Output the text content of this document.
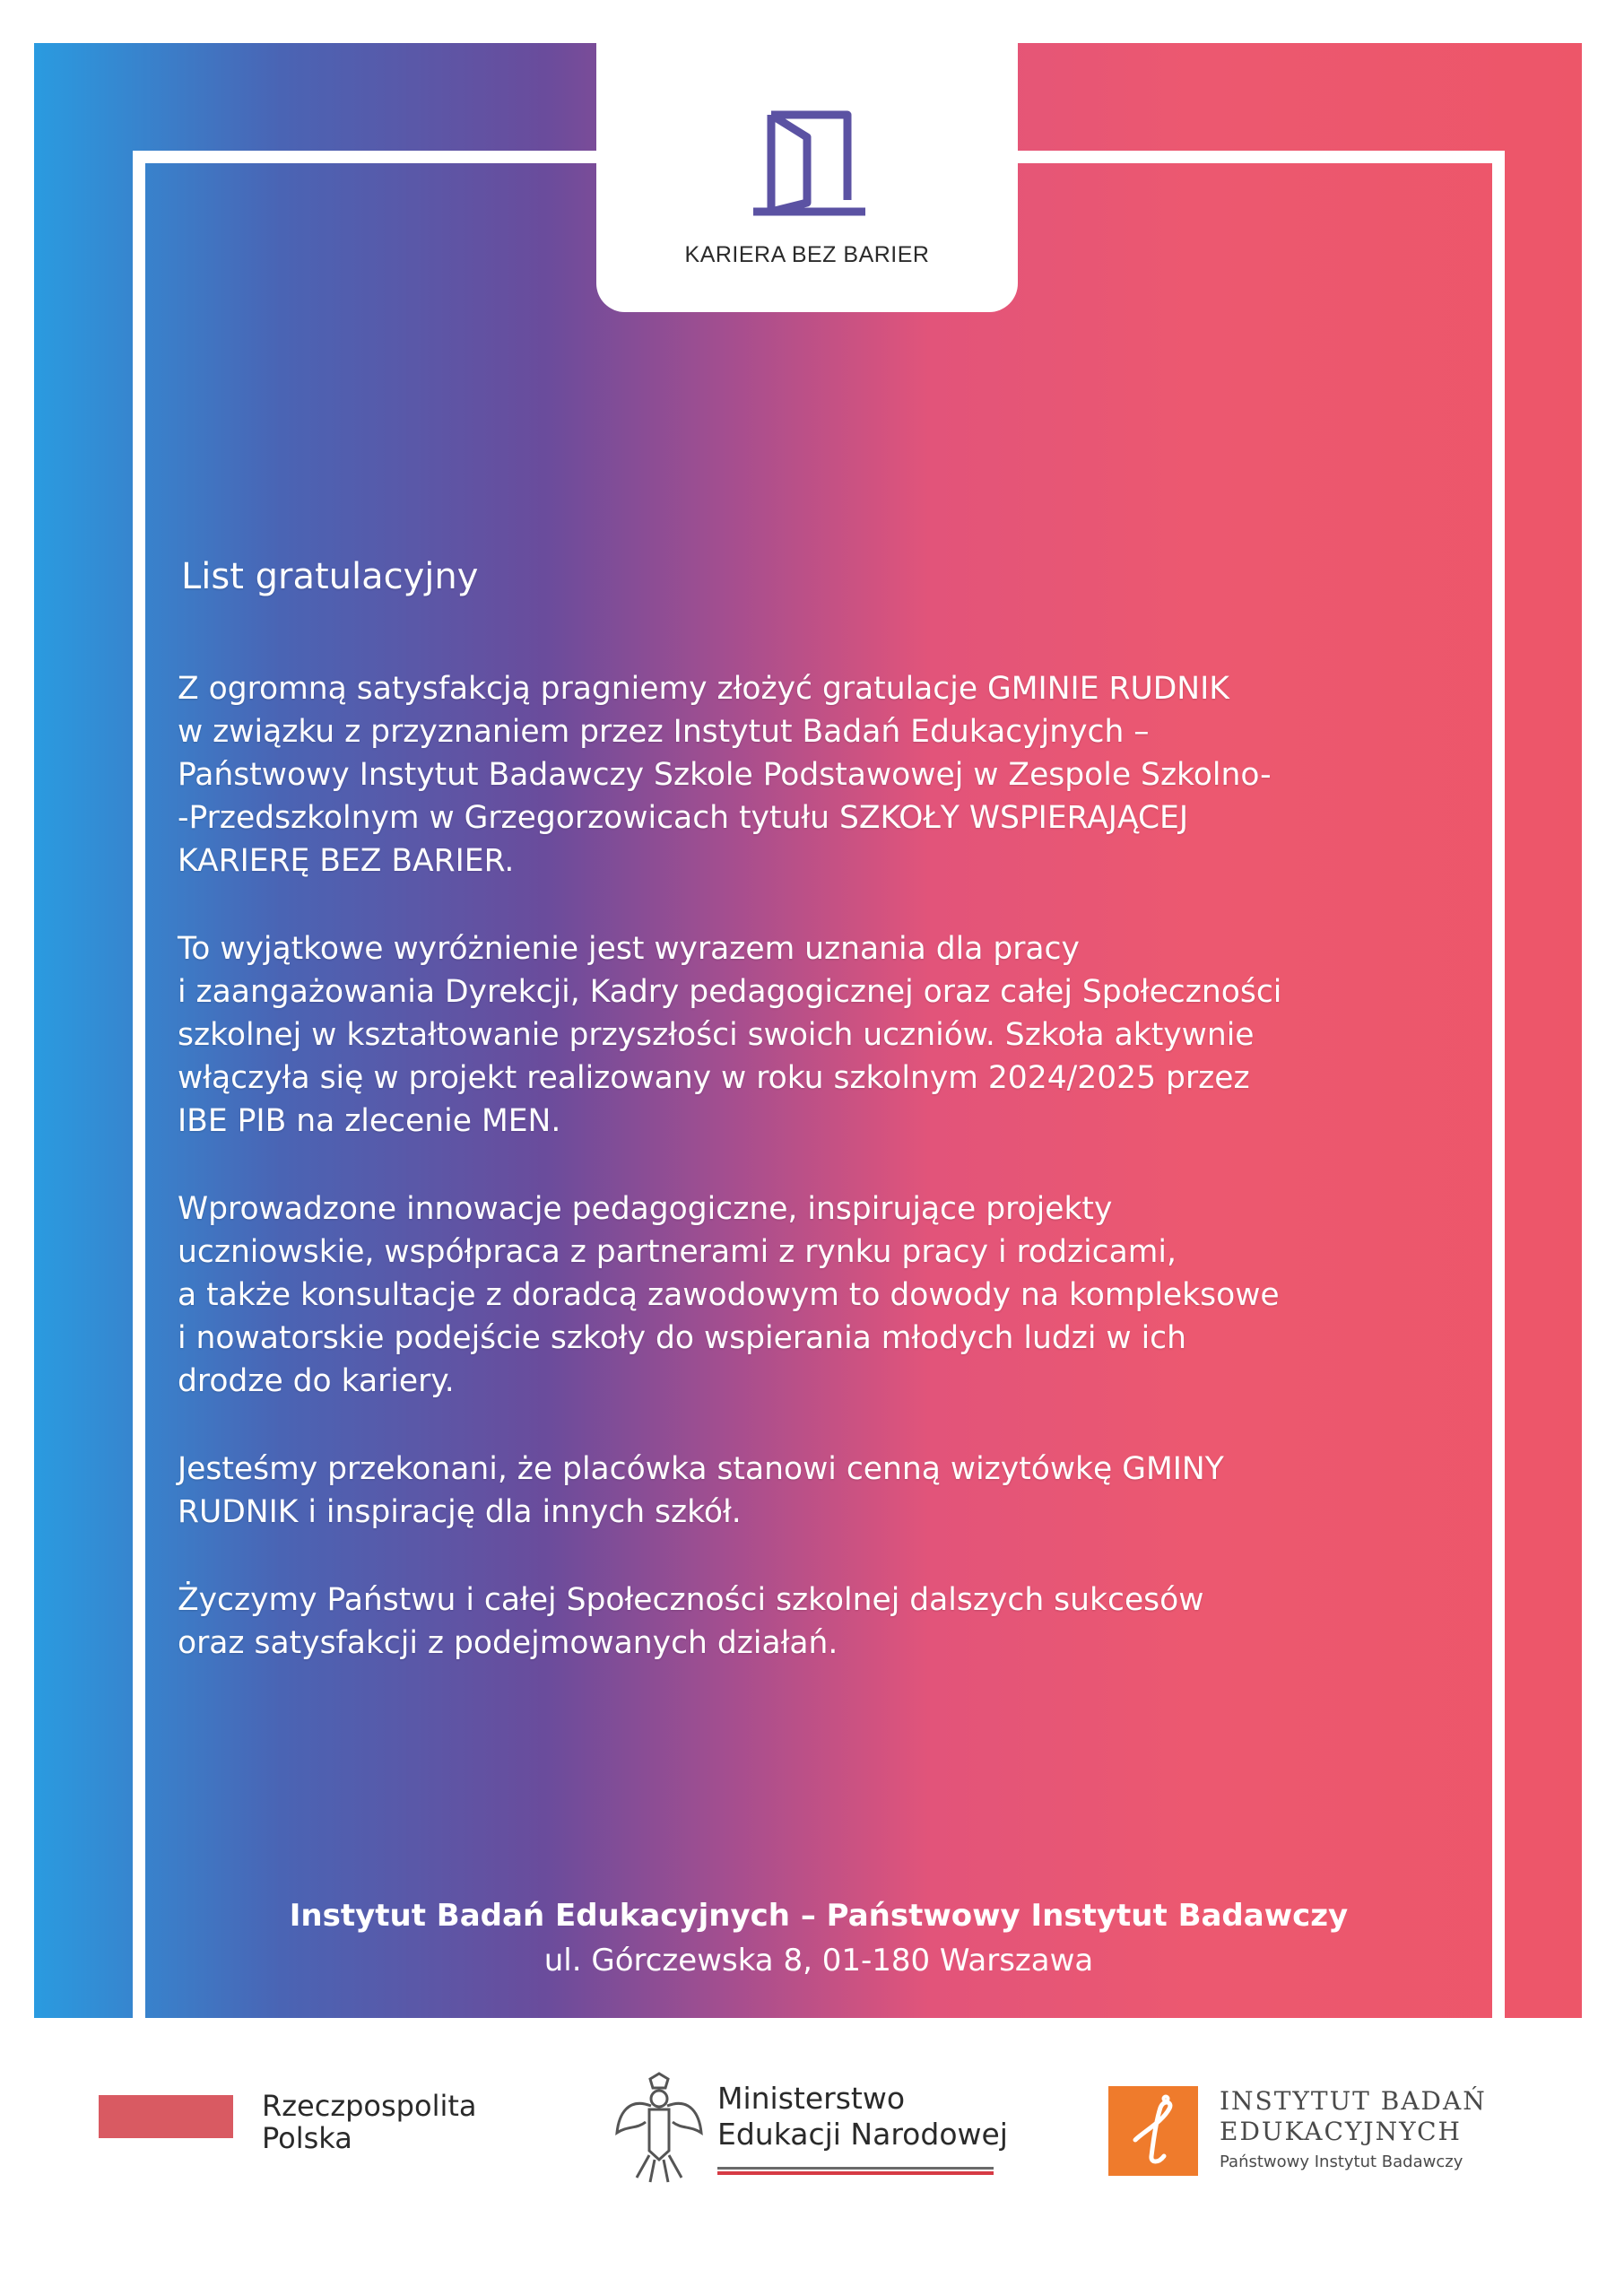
KARIERA BEZ BARIER
List gratulacyjny
Z ogromną satysfakcją pragniemy złożyć gratulacje GMINIE RUDNIK
w związku z przyznaniem przez Instytut Badań Edukacyjnych –
Państwowy Instytut Badawczy Szkole Podstawowej w Zespole Szkolno-
-Przedszkolnym w Grzegorzowicach tytułu SZKOŁY WSPIERAJĄCEJ
KARIERĘ BEZ BARIER.
To wyjątkowe wyróżnienie jest wyrazem uznania dla pracy
i zaangażowania Dyrekcji, Kadry pedagogicznej oraz całej Społeczności
szkolnej w kształtowanie przyszłości swoich uczniów. Szkoła aktywnie
włączyła się w projekt realizowany w roku szkolnym 2024/2025 przez
IBE PIB na zlecenie MEN.
Wprowadzone innowacje pedagogiczne, inspirujące projekty
uczniowskie, współpraca z partnerami z rynku pracy i rodzicami,
a także konsultacje z doradcą zawodowym to dowody na kompleksowe
i nowatorskie podejście szkoły do wspierania młodych ludzi w ich
drodze do kariery.
Jesteśmy przekonani, że placówka stanowi cenną wizytówkę GMINY
RUDNIK i inspirację dla innych szkół.
Życzymy Państwu i całej Społeczności szkolnej dalszych sukcesów
oraz satysfakcji z podejmowanych działań.
Instytut Badań Edukacyjnych – Państwowy Instytut Badawczy
ul. Górczewska 8, 01-180 Warszawa
Rzeczpospolita
Polska
Ministerstwo
Edukacji Narodowej
INSTYTUT BADAŃ
EDUKACYJNYCH
Państwowy Instytut Badawczy
